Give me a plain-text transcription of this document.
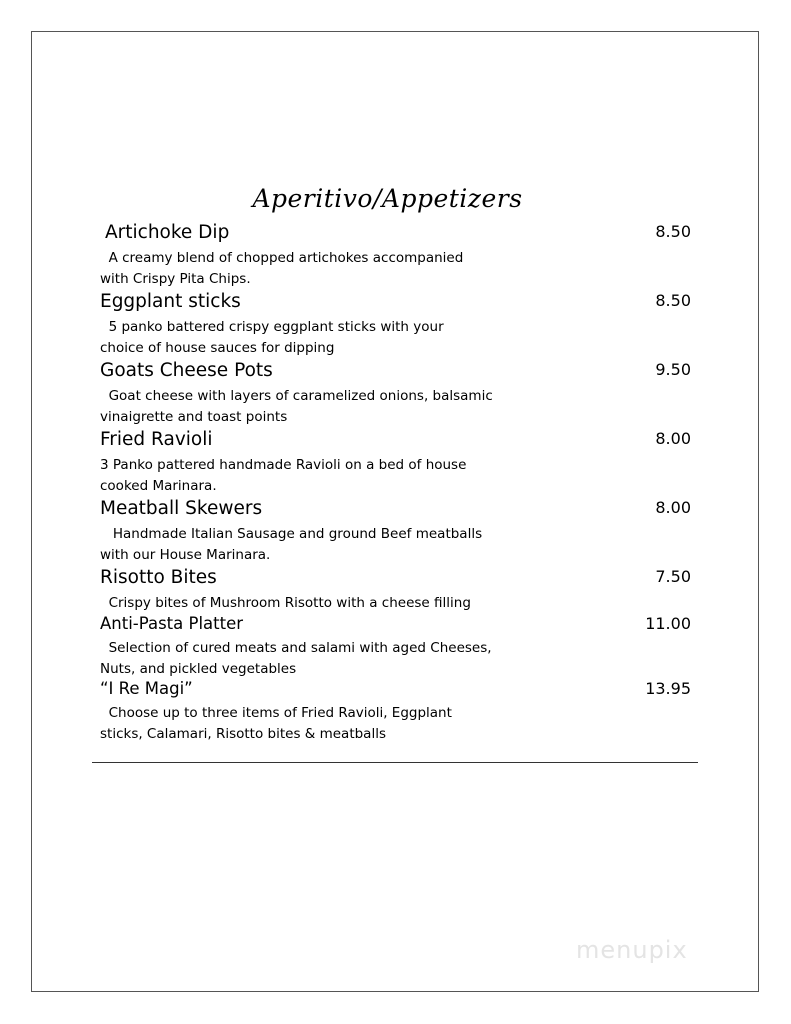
Aperitivo/Appetizers
Artichoke Dip	8.50
A creamy blend of chopped artichokes accompanied
with Crispy Pita Chips.
Eggplant sticks	8.50
5 panko battered crispy eggplant sticks with your
choice of house sauces for dipping
Goats Cheese Pots	9.50
Goat cheese with layers of caramelized onions, balsamic
vinaigrette and toast points
Fried Ravioli	8.00
3 Panko pattered handmade Ravioli on a bed of house
cooked Marinara.
Meatball Skewers	8.00
Handmade Italian Sausage and ground Beef meatballs
with our House Marinara.
Risotto Bites	7.50
Crispy bites of Mushroom Risotto with a cheese filling
Anti-Pasta Platter	11.00
Selection of cured meats and salami with aged Cheeses,
Nuts, and pickled vegetables
“I Re Magi”	13.95
Choose up to three items of Fried Ravioli, Eggplant
sticks, Calamari, Risotto bites & meatballs
menupix
